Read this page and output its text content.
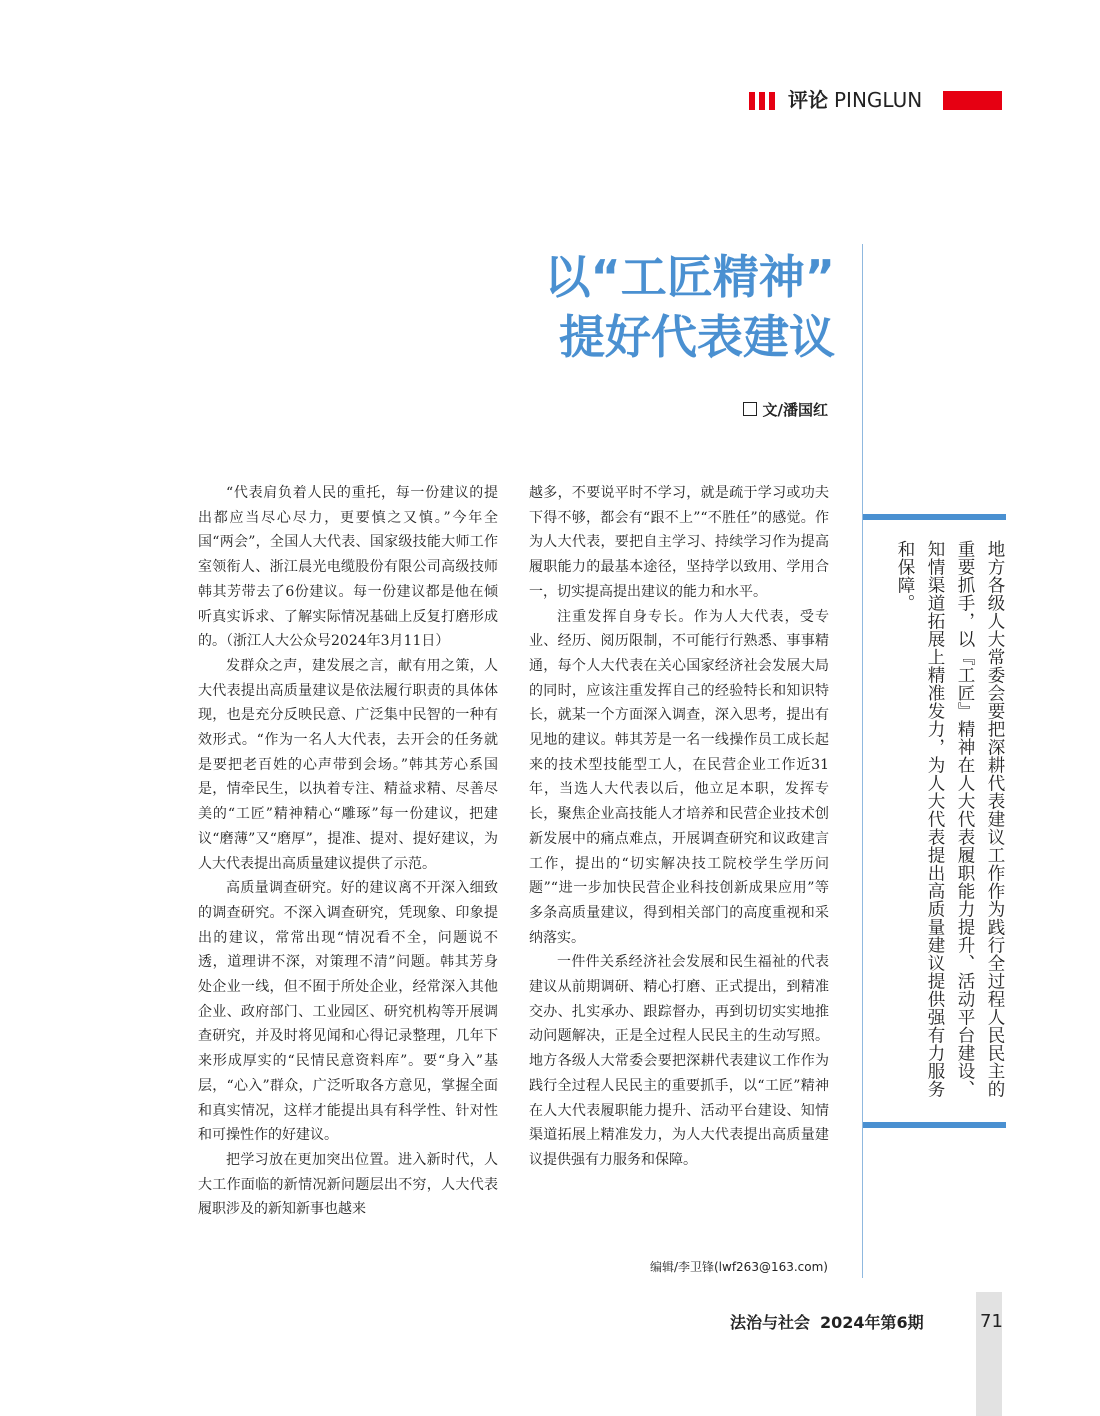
评论 PINGLUN
以“工匠精神”
提好代表建议
文/潘国红

“代表肩负着人民的重托，每一份建议的提出都应当尽心尽力，更要慎之又慎。”今年全国“两会”，全国人大代表、国家级技能大师工作室领衔人、浙江晨光电缆股份有限公司高级技师韩其芳带去了6份建议。每一份建议都是他在倾听真实诉求、了解实际情况基础上反复打磨形成的。（浙江人大公众号2024年3月11日）

发群众之声，建发展之言，献有用之策，人大代表提出高质量建议是依法履行职责的具体体现，也是充分反映民意、广泛集中民智的一种有效形式。“作为一名人大代表，去开会的任务就是要把老百姓的心声带到会场。”韩其芳心系国是，情牵民生，以执着专注、精益求精、尽善尽美的“工匠”精神精心“雕琢”每一份建议，把建议“磨薄”又“磨厚”，提准、提对、提好建议，为人大代表提出高质量建议提供了示范。

高质量调查研究。好的建议离不开深入细致的调查研究。不深入调查研究，凭现象、印象提出的建议，常常出现“情况看不全，问题说不透，道理讲不深，对策理不清”问题。韩其芳身处企业一线，但不囿于所处企业，经常深入其他企业、政府部门、工业园区、研究机构等开展调查研究，并及时将见闻和心得记录整理，几年下来形成厚实的“民情民意资料库”。要“身入”基层，“心入”群众，广泛听取各方意见，掌握全面和真实情况，这样才能提出具有科学性、针对性和可操性作的好建议。

把学习放在更加突出位置。进入新时代，人大工作面临的新情况新问题层出不穷，人大代表履职涉及的新知新事也越来

越多，不要说平时不学习，就是疏于学习或功夫下得不够，都会有“跟不上”“不胜任”的感觉。作为人大代表，要把自主学习、持续学习作为提高履职能力的最基本途径，坚持学以致用、学用合一，切实提高提出建议的能力和水平。

注重发挥自身专长。作为人大代表，受专业、经历、阅历限制，不可能行行熟悉、事事精通，每个人大代表在关心国家经济社会发展大局的同时，应该注重发挥自己的经验特长和知识特长，就某一个方面深入调查，深入思考，提出有见地的建议。韩其芳是一名一线操作员工成长起来的技术型技能型工人，在民营企业工作近31年，当选人大代表以后，他立足本职，发挥专长，聚焦企业高技能人才培养和民营企业技术创新发展中的痛点难点，开展调查研究和议政建言工作，提出的“切实解决技工院校学生学历问题”“进一步加快民营企业科技创新成果应用”等多条高质量建议，得到相关部门的高度重视和采纳落实。

一件件关系经济社会发展和民生福祉的代表建议从前期调研、精心打磨、正式提出，到精准交办、扎实承办、跟踪督办，再到切切实实地推动问题解决，正是全过程人民民主的生动写照。地方各级人大常委会要把深耕代表建议工作作为践行全过程人民民主的重要抓手，以“工匠”精神在人大代表履职能力提升、活动平台建设、知情渠道拓展上精准发力，为人大代表提出高质量建议提供强有力服务和保障。

编辑/李卫锋(lwf263@163.com)
地方各级人大常委会要把深耕代表建议工作作为践行全过程人民民主的重要抓手，以『工匠』精神在人大代表履职能力提升、活动平台建设、知情渠道拓展上精准发力，为人大代表提出高质量建议提供强有力服务和保障。
法治与社会 2024年第6期	71
